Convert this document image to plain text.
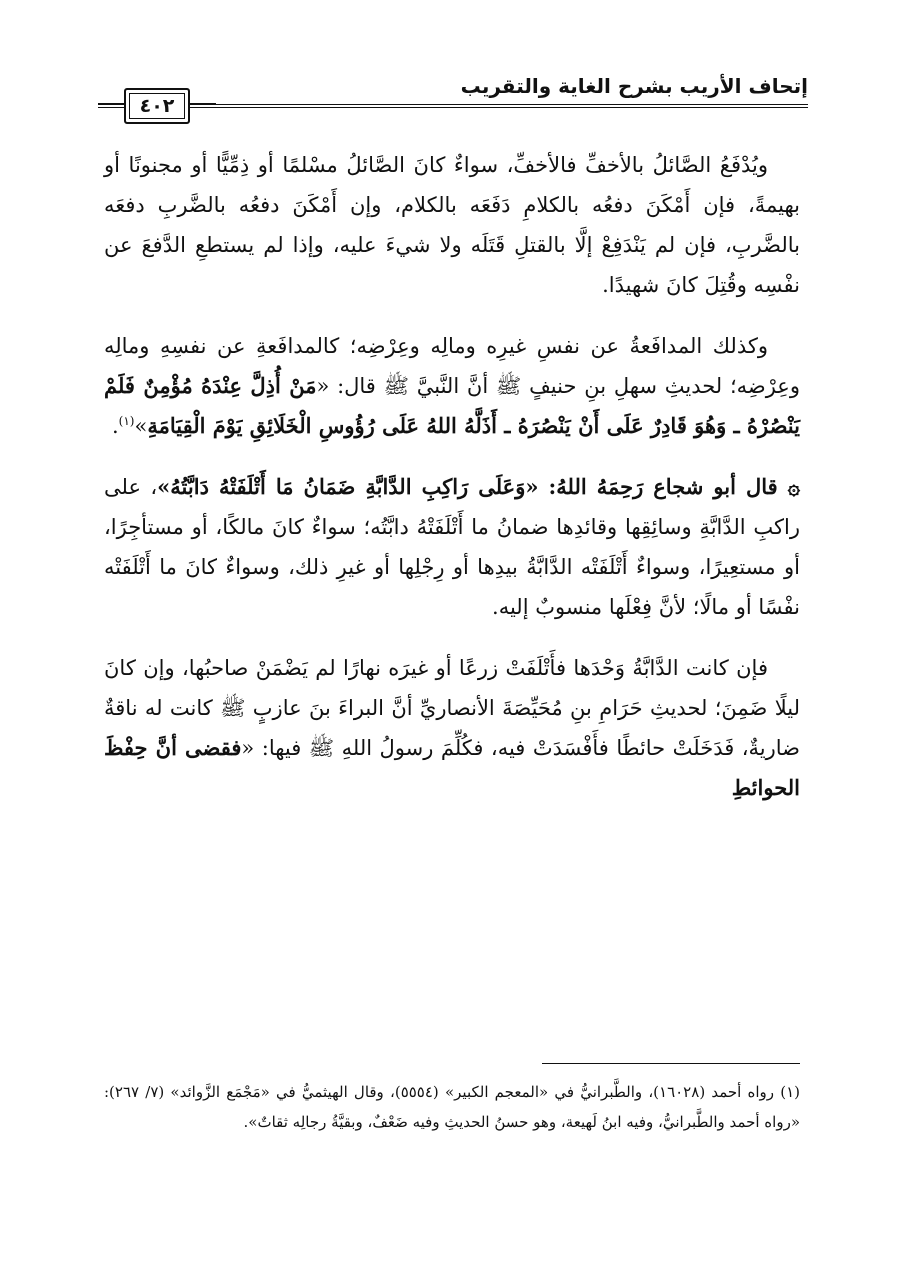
إتحاف الأريب بشرح الغاية والتقريب
٤٠٢

ويُدْفَعُ الصَّائلُ بالأخفِّ فالأخفِّ، سواءٌ كانَ الصَّائلُ مسْلمًا أو ذِمِّيًّا أو مجنونًا أو بهيمةً، فإن أَمْكَنَ دفعُه بالكلامِ دَفَعَه بالكلام، وإن أَمْكَنَ دفعُه بالضَّربِ دفعَه بالضَّربِ، فإن لم يَنْدَفِعْ إلَّا بالقتلِ قَتَلَه ولا شيءَ عليه، وإذا لم يستطعِ الدَّفعَ عن نفْسِه وقُتِلَ كانَ شهيدًا.

وكذلك المدافَعةُ عن نفسِ غيرِه ومالِه وعِرْضِه؛ كالمدافَعةِ عن نفسِهِ ومالِه وعِرْضِه؛ لحديثِ سهلِ بنِ حنيفٍ ﷺ أنَّ النَّبيَّ ﷺ قال: «مَنْ أُذِلَّ عِنْدَهُ مُؤْمِنٌ فَلَمْ يَنْصُرْهُ ـ وَهُوَ قَادِرٌ عَلَى أَنْ يَنْصُرَهُ ـ أَذَلَّهُ اللهُ عَلَى رُؤُوسِ الْخَلَائِقِ يَوْمَ الْقِيَامَةِ»$^{(١)}$.

۞ قال أبو شجاع رَحِمَهُ اللهُ: «وَعَلَى رَاكِبِ الدَّابَّةِ ضَمَانُ مَا أَتْلَفَتْهُ دَابَّتُهُ»، على راكبِ الدَّابَّةِ وسائِقِها وقائدِها ضمانُ ما أَتْلَفَتْهُ دابَّتُه؛ سواءٌ كانَ مالكًا، أو مستأجِرًا، أو مستعِيرًا، وسواءٌ أَتْلَفَتْه الدَّابَّةُ بيدِها أو رِجْلِها أو غيرِ ذلك، وسواءٌ كانَ ما أَتْلَفَتْه نفْسًا أو مالًا؛ لأنَّ فِعْلَها منسوبٌ إليه.

فإن كانت الدَّابَّةُ وَحْدَها فأَتْلَفَتْ زرعًا أو غيرَه نهارًا لم يَضْمَنْ صاحبُها، وإن كانَ ليلًا ضَمِنَ؛ لحديثِ حَرَامِ بنِ مُحَيِّصَةَ الأنصاريِّ أنَّ البراءَ بنَ عازبٍ ﷺ كانت له ناقةٌ ضاريةٌ، فَدَخَلَتْ حائطًا فأَفْسَدَتْ فيه، فكُلِّمَ رسولُ اللهِ ﷺ فيها: «فقضى أنَّ حِفْظَ الحوائطِ

(١) رواه أحمد (١٦٠٢٨)، والطَّبرانيُّ في «المعجم الكبير» (٥٥٥٤)، وقال الهيثميُّ في «مَجْمَع الزَّوائد» (٧/ ٢٦٧): «رواه أحمد والطَّبرانيُّ، وفيه ابنُ لَهيعة، وهو حسنُ الحديثِ وفيه ضَعْفٌ، وبقيَّةُ رجالِه ثقاتٌ».
